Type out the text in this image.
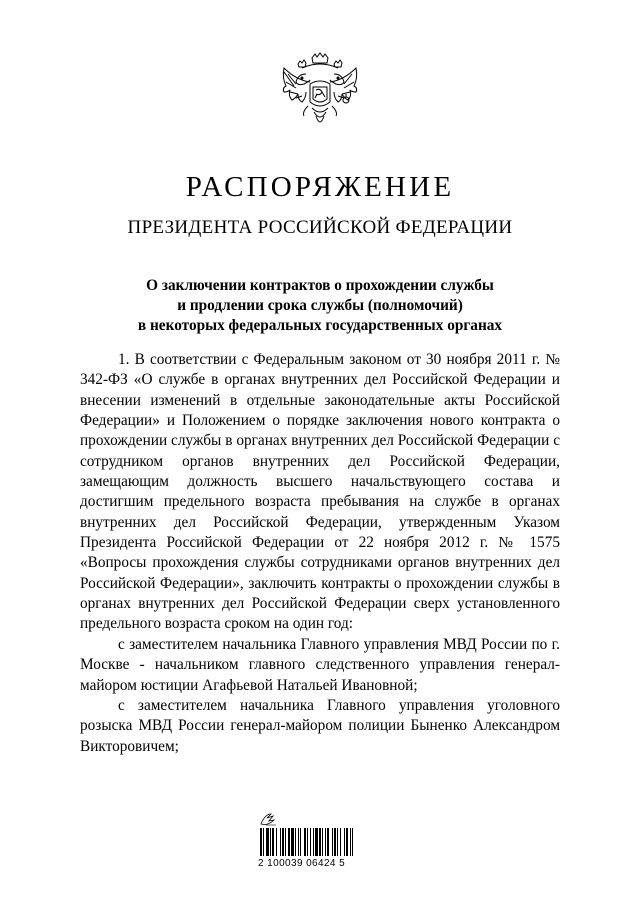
РАСПОРЯЖЕНИЕ
ПРЕЗИДЕНТА РОССИЙСКОЙ ФЕДЕРАЦИИ
О заключении контрактов о прохождении службы
и продлении срока службы (полномочий)
в некоторых федеральных государственных органах

1. В соответствии с Федеральным законом от 30 ноября 2011 г. № 342-ФЗ «О службе в органах внутренних дел Российской Федерации и внесении изменений в отдельные законодательные акты Российской Федерации» и Положением о порядке заключения нового контракта о прохождении службы в органах внутренних дел Российской Федерации с сотрудником органов внутренних дел Российской Федерации, замещающим должность высшего начальствующего состава и достигшим предельного возраста пребывания на службе в органах внутренних дел Российской Федерации, утвержденным Указом Президента Российской Федерации от 22 ноября 2012 г. № 1575 «Вопросы прохождения службы сотрудниками органов внутренних дел Российской Федерации», заключить контракты о прохождении службы в органах внутренних дел Российской Федерации сверх установленного предельного возраста сроком на один год:

с заместителем начальника Главного управления МВД России по г. Москве - начальником главного следственного управления генерал-майором юстиции Агафьевой Натальей Ивановной;

с заместителем начальника Главного управления уголовного розыска МВД России генерал-майором полиции Быненко Александром Викторовичем;

2 100039 06424 5
